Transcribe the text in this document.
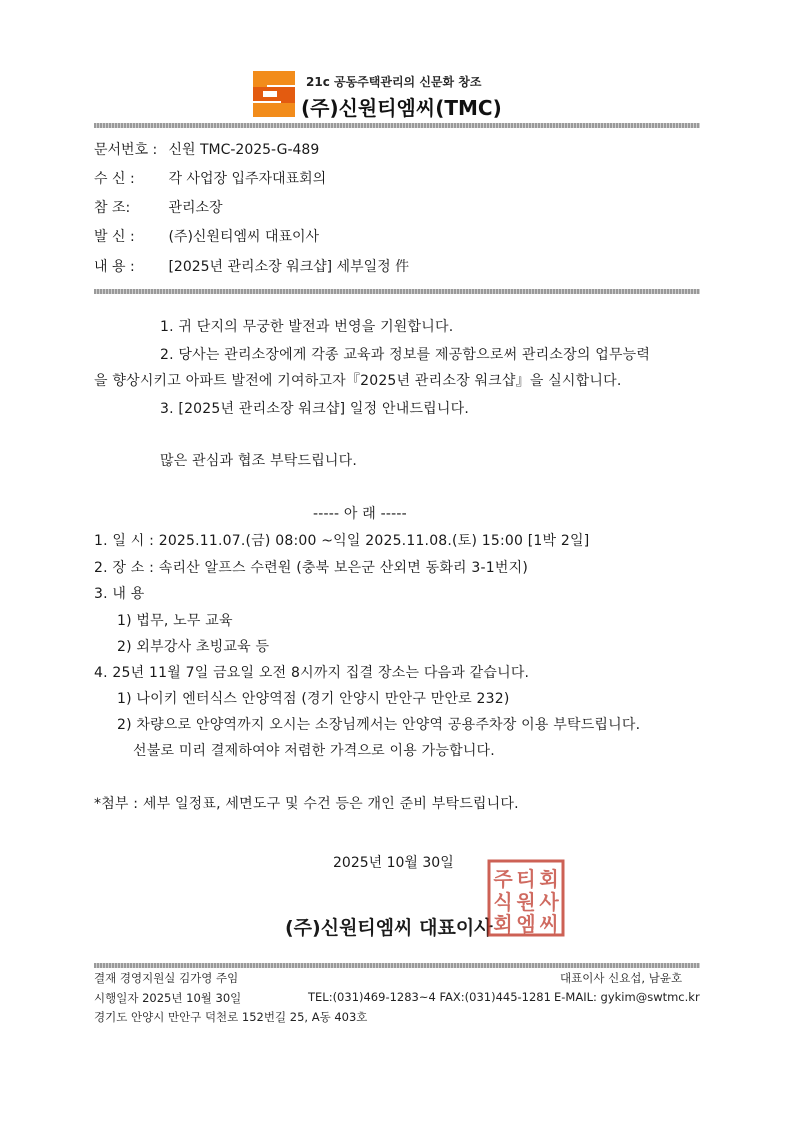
21c 공동주택관리의 신문화 창조
(주)신원티엠씨(TMC)
문서번호 : 신원 TMC-2025-G-489
수 신 : 각 사업장 입주자대표회의
참 조:	관리소장
발 신 : (주)신원티엠씨 대표이사
내 용 : [2025년 관리소장 워크샵] 세부일정 件
1. 귀 단지의 무궁한 발전과 번영을 기원합니다.
2. 당사는 관리소장에게 각종 교육과 정보를 제공함으로써 관리소장의 업무능력
을 향상시키고 아파트 발전에 기여하고자『2025년 관리소장 워크샵』을 실시합니다.
3. [2025년 관리소장 워크샵] 일정 안내드립니다.
많은 관심과 협조 부탁드립니다.
----- 아 래 -----
1. 일 시 : 2025.11.07.(금) 08:00 ~익일 2025.11.08.(토) 15:00 [1박 2일]
2. 장 소 : 속리산 알프스 수련원 (충북 보은군 산외면 동화리 3-1번지)
3. 내 용
1) 법무, 노무 교육
2) 외부강사 초빙교육 등
4. 25년 11월 7일 금요일 오전 8시까지 집결 장소는 다음과 같습니다.
1) 나이키 엔터식스 안양역점 (경기 안양시 만안구 만안로 232)
2) 차량으로 안양역까지 오시는 소장님께서는 안양역 공용주차장 이용 부탁드립니다.
선불로 미리 결제하여야 저렴한 가격으로 이용 가능합니다.
*첨부 : 세부 일정표, 세면도구 및 수건 등은 개인 준비 부탁드립니다.
2025년 10월 30일
(주)신원티엠씨 대표이사
주 티 회
식 원 사
회 엠 씨
결재 경영지원실 김가영 주임	대표이사 신요섭, 남윤호
시행일자 2025년 10월 30일	TEL:(031)469-1283~4 FAX:(031)445-1281 E-MAIL: gykim@swtmc.kr
경기도 안양시 만안구 덕천로 152번길 25, A동 403호
